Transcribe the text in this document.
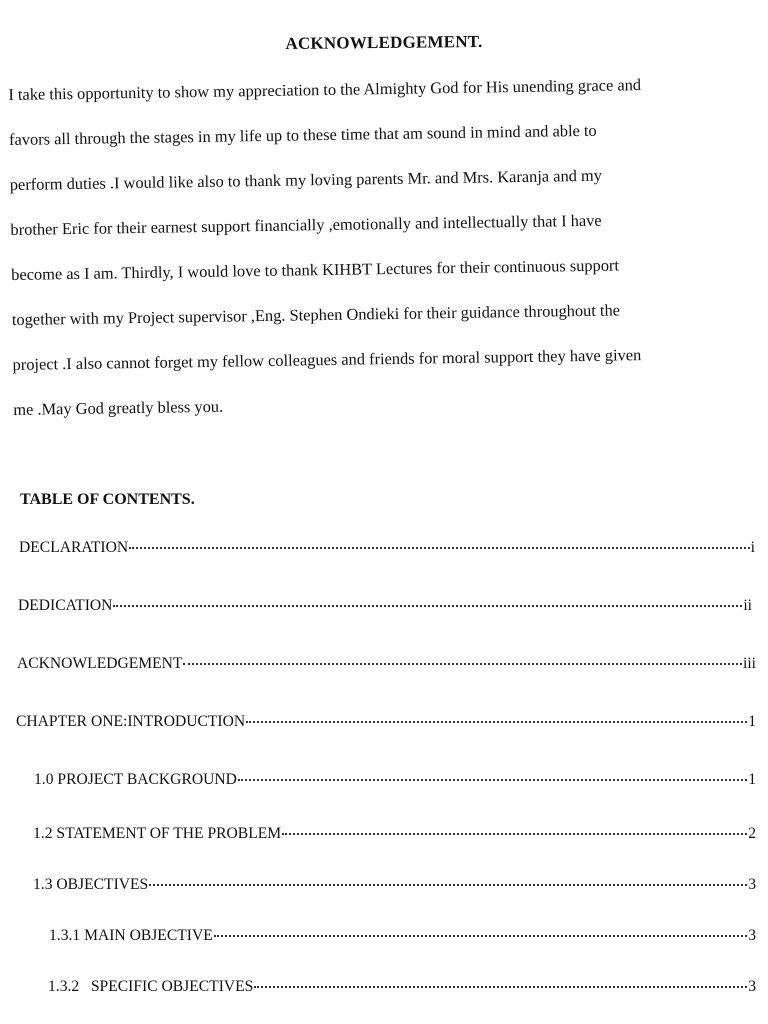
ACKNOWLEDGEMENT.
I take this opportunity to show my appreciation to the Almighty God for His unending grace and
favors all through the stages in my life up to these time that am sound in mind and able to
perform duties .I would like also to thank my loving parents Mr. and Mrs. Karanja and my
brother Eric for their earnest support financially ,emotionally and intellectually that I have
become as I am. Thirdly, I would love to thank KIHBT Lectures for their continuous support
together with my Project supervisor ,Eng. Stephen Ondieki for their guidance throughout the
project .I also cannot forget my fellow colleagues and friends for moral support they have given
me .May God greatly bless you.
TABLE OF CONTENTS.
DECLARATION	i
DEDICATION	ii
ACKNOWLEDGEMENT	iii
CHAPTER ONE:INTRODUCTION	1
1.0 PROJECT BACKGROUND	1
1.2 STATEMENT OF THE PROBLEM	2
1.3 OBJECTIVES	3
1.3.1 MAIN OBJECTIVE	3
1.3.2   SPECIFIC OBJECTIVES	3
